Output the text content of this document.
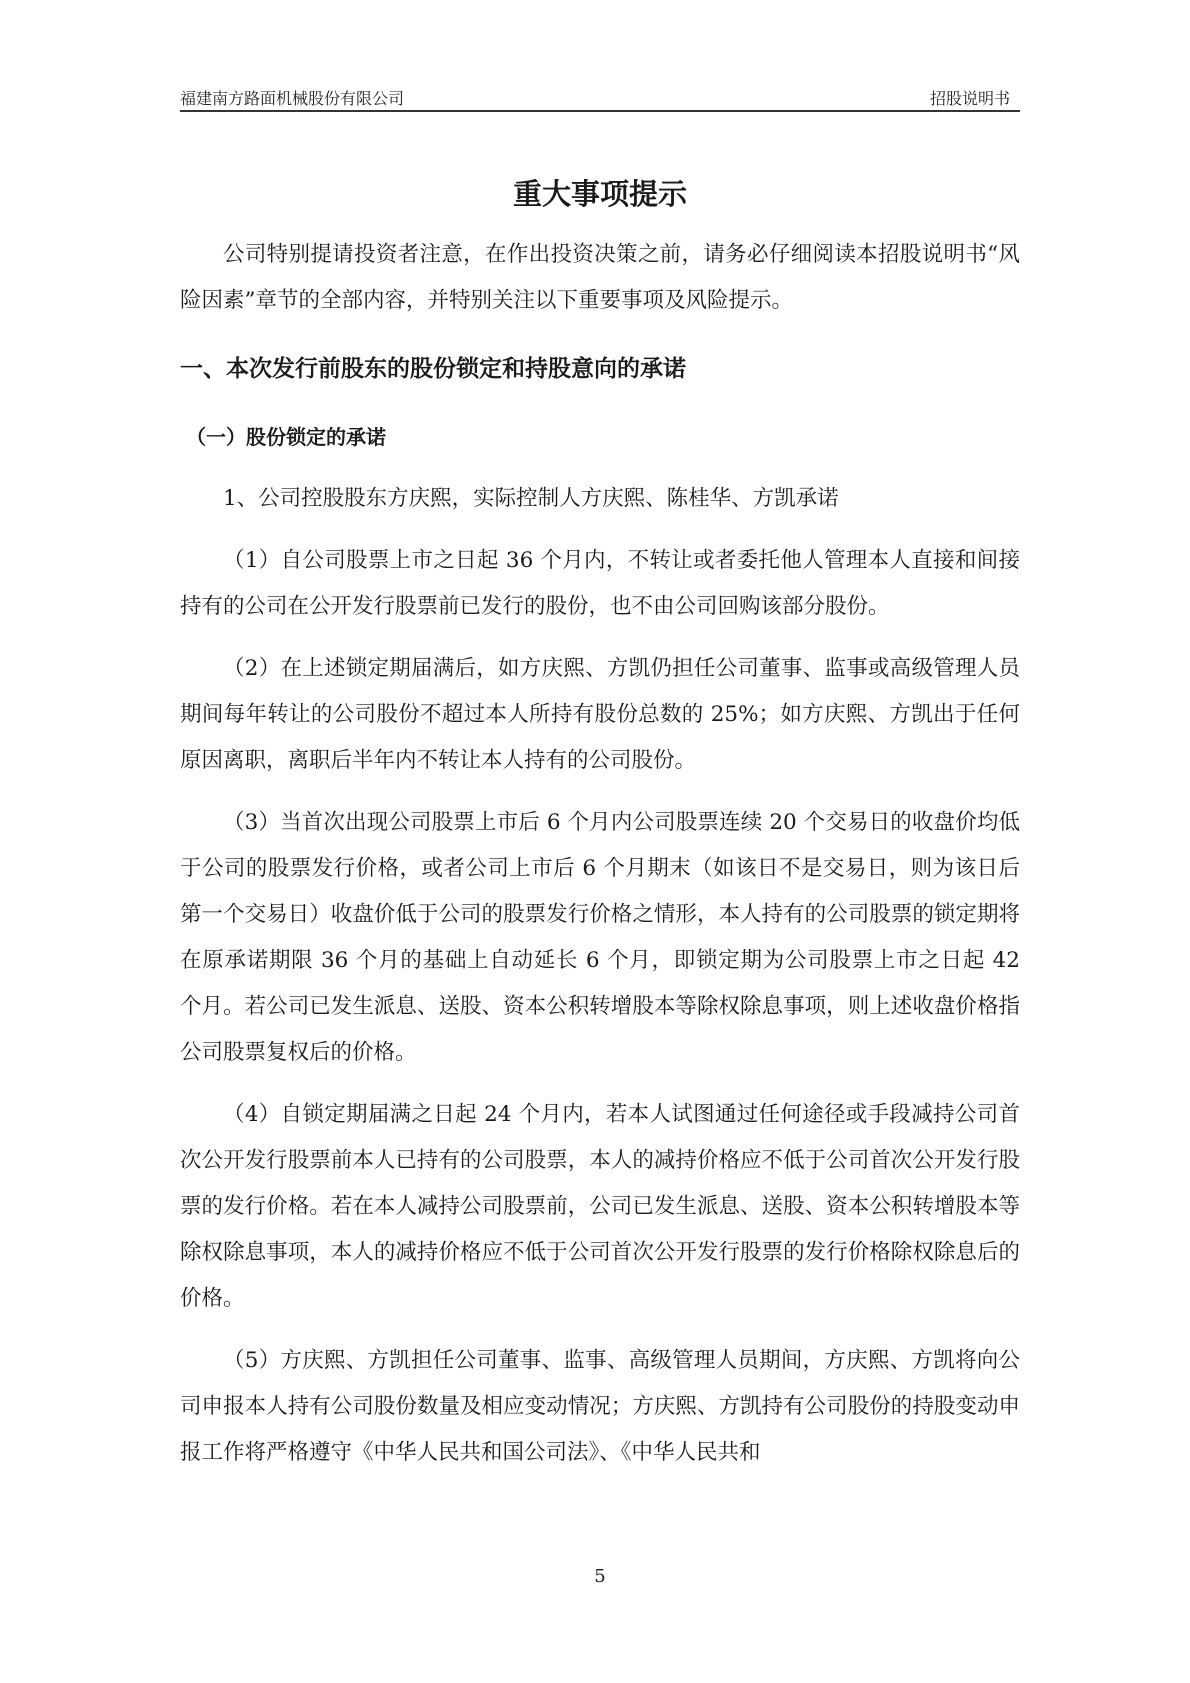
福建南方路面机械股份有限公司	招股说明书
重大事项提示

公司特别提请投资者注意，在作出投资决策之前，请务必仔细阅读本招股说明书“风险因素”章节的全部内容，并特别关注以下重要事项及风险提示。

一、本次发行前股东的股份锁定和持股意向的承诺
（一）股份锁定的承诺

1、公司控股股东方庆熙，实际控制人方庆熙、陈桂华、方凯承诺

（1）自公司股票上市之日起 36 个月内，不转让或者委托他人管理本人直接和间接持有的公司在公开发行股票前已发行的股份，也不由公司回购该部分股份。

（2）在上述锁定期届满后，如方庆熙、方凯仍担任公司董事、监事或高级管理人员期间每年转让的公司股份不超过本人所持有股份总数的 25%；如方庆熙、方凯出于任何原因离职，离职后半年内不转让本人持有的公司股份。

（3）当首次出现公司股票上市后 6 个月内公司股票连续 20 个交易日的收盘价均低于公司的股票发行价格，或者公司上市后 6 个月期末（如该日不是交易日，则为该日后第一个交易日）收盘价低于公司的股票发行价格之情形，本人持有的公司股票的锁定期将在原承诺期限 36 个月的基础上自动延长 6 个月，即锁定期为公司股票上市之日起 42 个月。若公司已发生派息、送股、资本公积转增股本等除权除息事项，则上述收盘价格指公司股票复权后的价格。

（4）自锁定期届满之日起 24 个月内，若本人试图通过任何途径或手段减持公司首次公开发行股票前本人已持有的公司股票，本人的减持价格应不低于公司首次公开发行股票的发行价格。若在本人减持公司股票前，公司已发生派息、送股、资本公积转增股本等除权除息事项，本人的减持价格应不低于公司首次公开发行股票的发行价格除权除息后的价格。

（5）方庆熙、方凯担任公司董事、监事、高级管理人员期间，方庆熙、方凯将向公司申报本人持有公司股份数量及相应变动情况；方庆熙、方凯持有公司股份的持股变动申报工作将严格遵守《中华人民共和国公司法》、《中华人民共和

5
